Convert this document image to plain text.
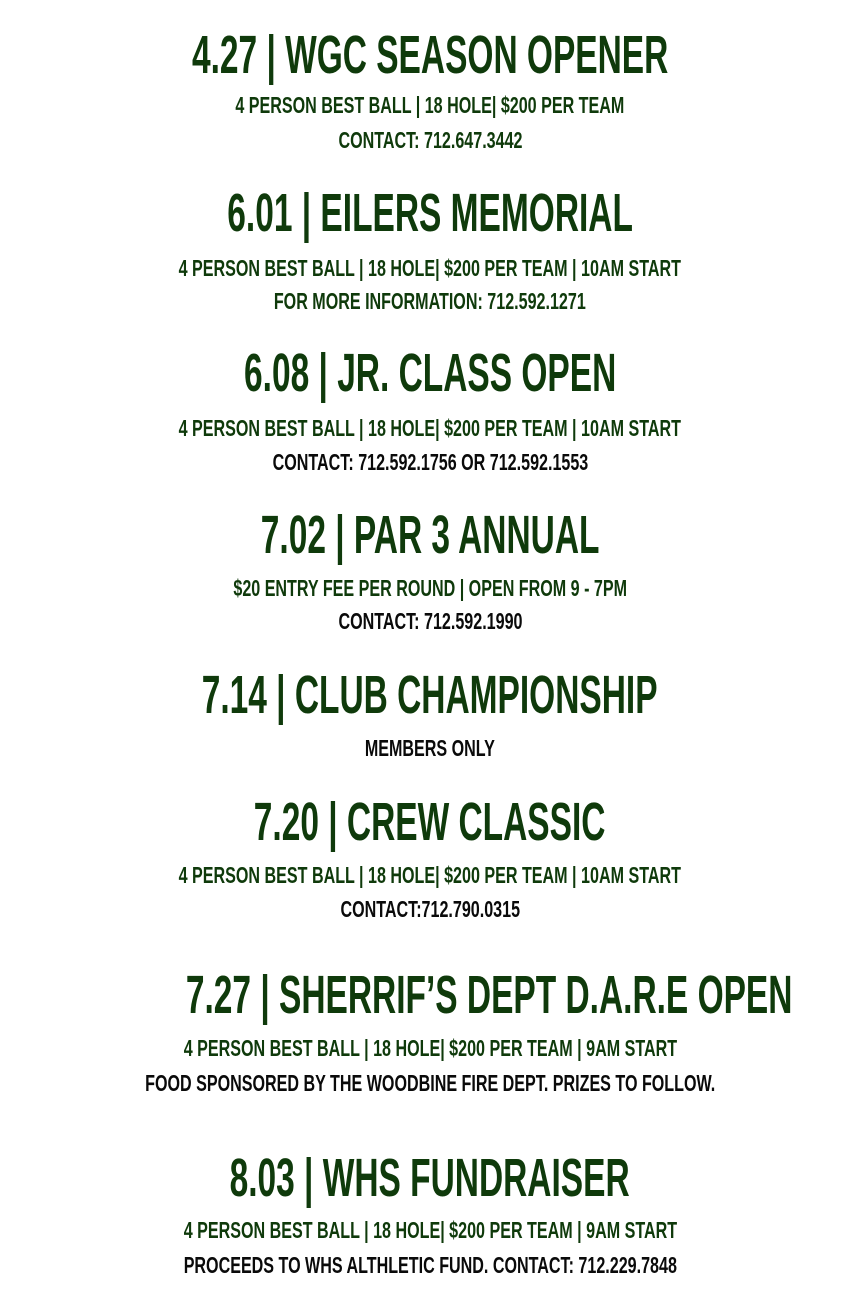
4.27 | WGC SEASON OPENER
4 PERSON BEST BALL | 18 HOLE| $200 PER TEAM
CONTACT: 712.647.3442
6.01 | EILERS MEMORIAL
4 PERSON BEST BALL | 18 HOLE| $200 PER TEAM | 10AM START
FOR MORE INFORMATION: 712.592.1271
6.08 | JR. CLASS OPEN
4 PERSON BEST BALL | 18 HOLE| $200 PER TEAM | 10AM START
CONTACT: 712.592.1756 OR 712.592.1553
7.02 | PAR 3 ANNUAL
$20 ENTRY FEE PER ROUND | OPEN FROM 9 - 7PM
CONTACT: 712.592.1990
7.14 | CLUB CHAMPIONSHIP
MEMBERS ONLY
7.20 | CREW CLASSIC
4 PERSON BEST BALL | 18 HOLE| $200 PER TEAM | 10AM START
CONTACT:712.790.0315
7.27 | SHERRIF’S DEPT D.A.R.E OPEN
4 PERSON BEST BALL | 18 HOLE| $200 PER TEAM | 9AM START
FOOD SPONSORED BY THE WOODBINE FIRE DEPT. PRIZES TO FOLLOW.
8.03 | WHS FUNDRAISER
4 PERSON BEST BALL | 18 HOLE| $200 PER TEAM | 9AM START
PROCEEDS TO WHS ALTHLETIC FUND. CONTACT: 712.229.7848
